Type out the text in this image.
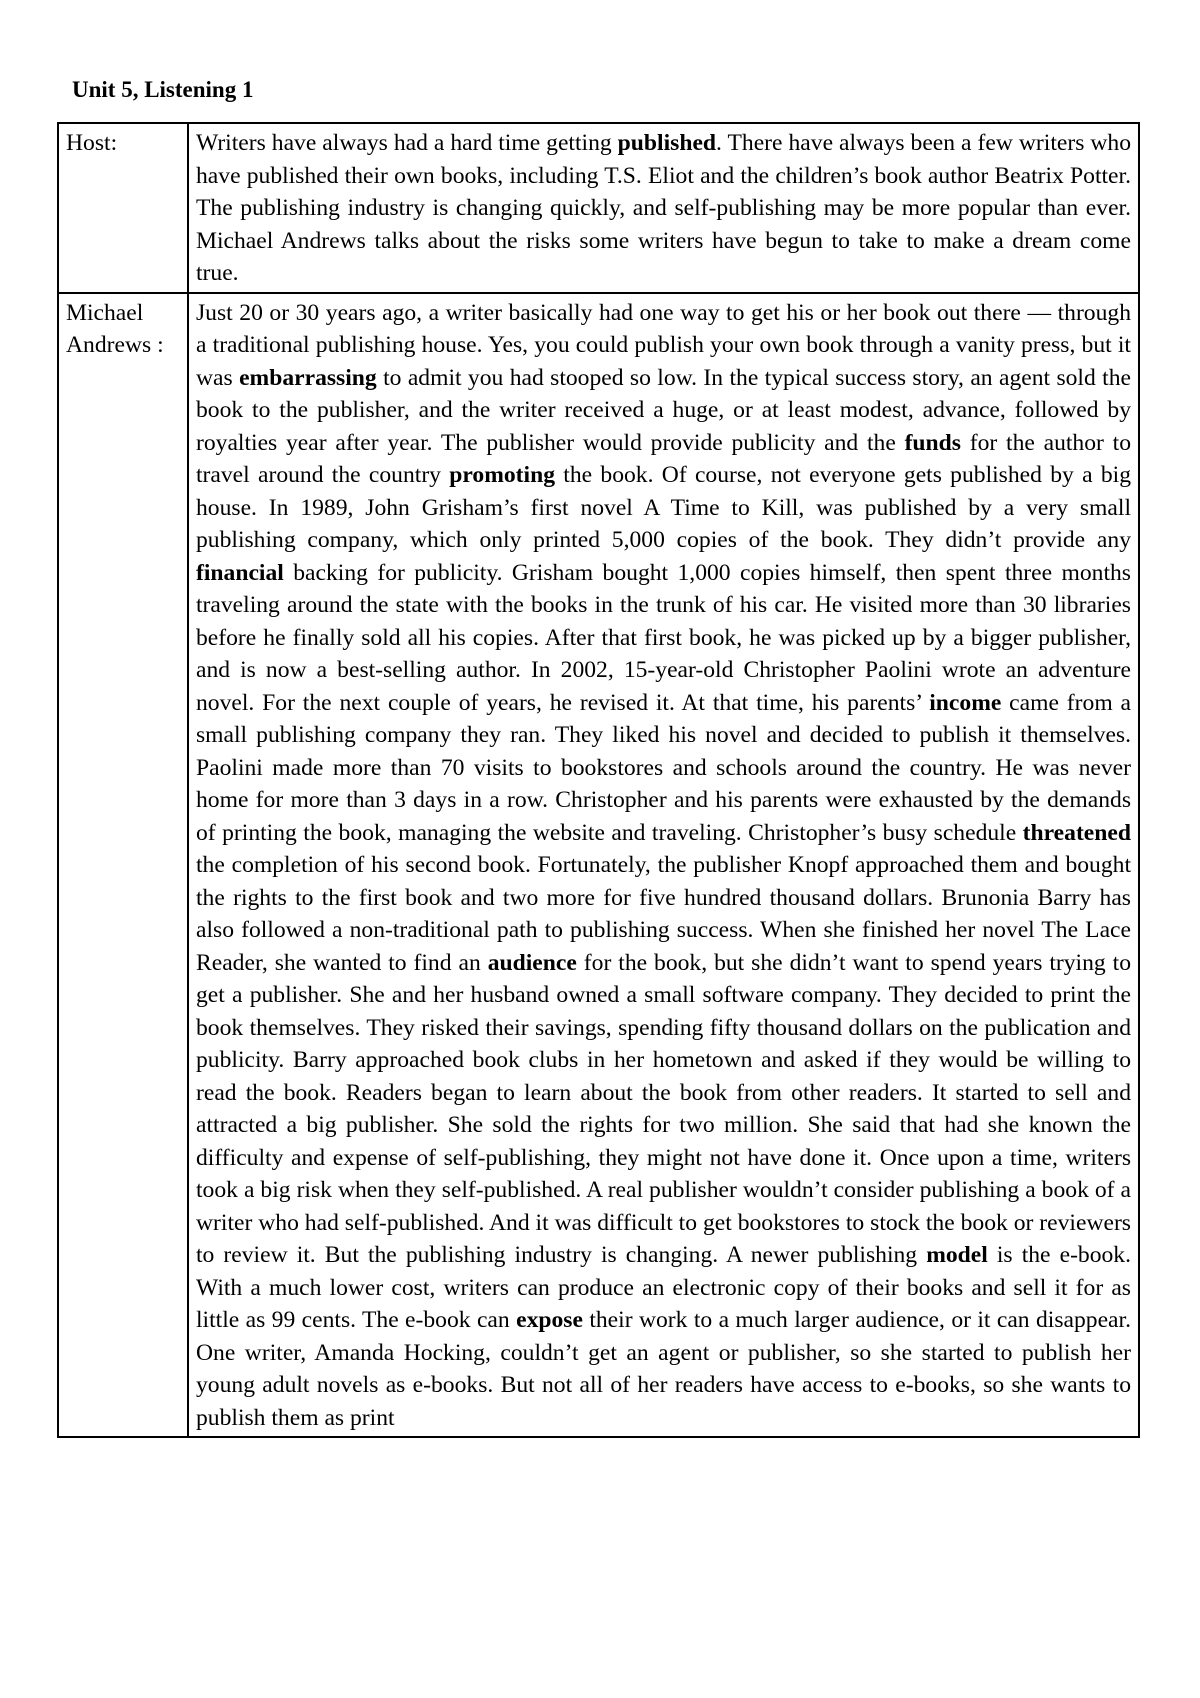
Unit 5, Listening 1
Host:	Writers have always had a hard time getting published. There have always been a few writers who have published their own books, including T.S. Eliot and the children’s book author Beatrix Potter. The publishing industry is changing quickly, and self-publishing may be more popular than ever. Michael Andrews talks about the risks some writers have begun to take to make a dream come true.

Michael Andrews :	Just 20 or 30 years ago, a writer basically had one way to get his or her book out there — through a traditional publishing house. Yes, you could publish your own book through a vanity press, but it was embarrassing to admit you had stooped so low. In the typical success story, an agent sold the book to the publisher, and the writer received a huge, or at least modest, advance, followed by royalties year after year. The publisher would provide publicity and the funds for the author to travel around the country promoting the book. Of course, not everyone gets published by a big house. In 1989, John Grisham’s first novel A Time to Kill, was published by a very small publishing company, which only printed 5,000 copies of the book. They didn’t provide any financial backing for publicity. Grisham bought 1,000 copies himself, then spent three months traveling around the state with the books in the trunk of his car. He visited more than 30 libraries before he finally sold all his copies. After that first book, he was picked up by a bigger publisher, and is now a best-selling author. In 2002, 15-year-old Christopher Paolini wrote an adventure novel. For the next couple of years, he revised it. At that time, his parents’ income came from a small publishing company they ran. They liked his novel and decided to publish it themselves. Paolini made more than 70 visits to bookstores and schools around the country. He was never home for more than 3 days in a row. Christopher and his parents were exhausted by the demands of printing the book, managing the website and traveling. Christopher’s busy schedule threatened the completion of his second book. Fortunately, the publisher Knopf approached them and bought the rights to the first book and two more for five hundred thousand dollars. Brunonia Barry has also followed a non-traditional path to publishing success. When she finished her novel The Lace Reader, she wanted to find an audience for the book, but she didn’t want to spend years trying to get a publisher. She and her husband owned a small software company. They decided to print the book themselves. They risked their savings, spending fifty thousand dollars on the publication and publicity. Barry approached book clubs in her hometown and asked if they would be willing to read the book. Readers began to learn about the book from other readers. It started to sell and attracted a big publisher. She sold the rights for two million. She said that had she known the difficulty and expense of self-publishing, they might not have done it. Once upon a time, writers took a big risk when they self-published. A real publisher wouldn’t consider publishing a book of a writer who had self-published. And it was difficult to get bookstores to stock the book or reviewers to review it. But the publishing industry is changing. A newer publishing model is the e-book. With a much lower cost, writers can produce an electronic copy of their books and sell it for as little as 99 cents. The e-book can expose their work to a much larger audience, or it can disappear. One writer, Amanda Hocking, couldn’t get an agent or publisher, so she started to publish her young adult novels as e-books. But not all of her readers have access to e-books, so she wants to publish them as print
